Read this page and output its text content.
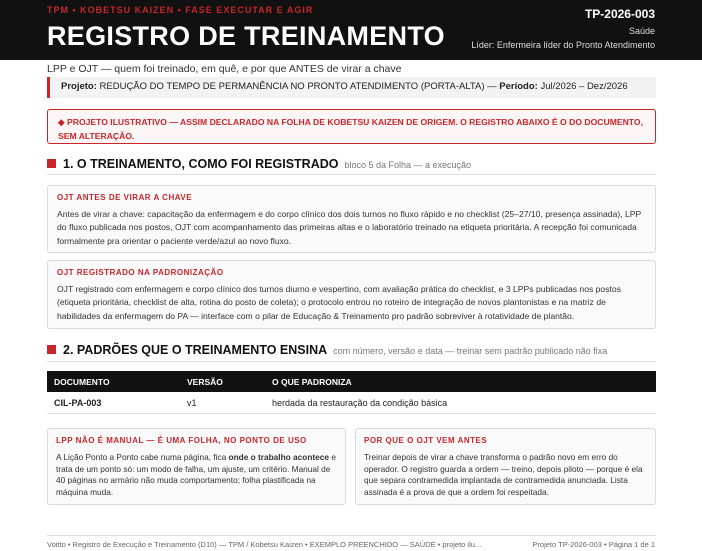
TPM • KOBETSU KAIZEN • FASE EXECUTAR E AGIR
REGISTRO DE TREINAMENTO
TP-2026-003
Saúde
Líder: Enfermeira líder do Pronto Atendimento
LPP e OJT — quem foi treinado, em quê, e por que ANTES de virar a chave
Projeto: REDUÇÃO DO TEMPO DE PERMANÊNCIA NO PRONTO ATENDIMENTO (PORTA-ALTA) — Período: Jul/2026 – Dez/2026
◆ PROJETO ILUSTRATIVO — ASSIM DECLARADO NA FOLHA DE KOBETSU KAIZEN DE ORIGEM. O REGISTRO ABAIXO É O DO DOCUMENTO, SEM ALTERAÇÃO.
1. O TREINAMENTO, COMO FOI REGISTRADO bloco 5 da Folha — a execução
OJT ANTES DE VIRAR A CHAVE
Antes de virar a chave: capacitação da enfermagem e do corpo clínico dos dois turnos no fluxo rápido e no checklist (25–27/10, presença assinada), LPP do fluxo publicada nos postos, OJT com acompanhamento das primeiras altas e o laboratório treinado na etiqueta prioritária. A recepção foi comunicada formalmente pra orientar o paciente verde/azul ao novo fluxo.
OJT REGISTRADO NA PADRONIZAÇÃO
OJT registrado com enfermagem e corpo clínico dos turnos diurno e vespertino, com avaliação prática do checklist, e 3 LPPs publicadas nos postos (etiqueta prioritária, checklist de alta, rotina do posto de coleta); o protocolo entrou no roteiro de integração de novos plantonistas e na matriz de habilidades da enfermagem do PA — interface com o pilar de Educação & Treinamento pro padrão sobreviver à rotatividade de plantão.
2. PADRÕES QUE O TREINAMENTO ENSINA com número, versão e data — treinar sem padrão publicado não fixa
DOCUMENTO	VERSÃO	O QUE PADRONIZA
CIL-PA-003	v1	herdada da restauração da condição básica
LPP NÃO É MANUAL — É UMA FOLHA, NO PONTO DE USO
A Lição Ponto a Ponto cabe numa página, fica onde o trabalho acontece e trata de um ponto só: um modo de falha, um ajuste, um critério. Manual de 40 páginas no armário não muda comportamento; folha plastificada na máquina muda.
POR QUE O OJT VEM ANTES
Treinar depois de virar a chave transforma o padrão novo em erro do operador. O registro guarda a ordem — treino, depois piloto — porque é ela que separa contramedida implantada de contramedida anunciada. Lista assinada é a prova de que a ordem foi respeitada.
Voitto • Registro de Execução e Treinamento (D10) — TPM / Kobetsu Kaizen • EXEMPLO PREENCHIDO — SAÚDE • projeto ilu...	Projeto TP-2026-003 • Página 1 de 1
